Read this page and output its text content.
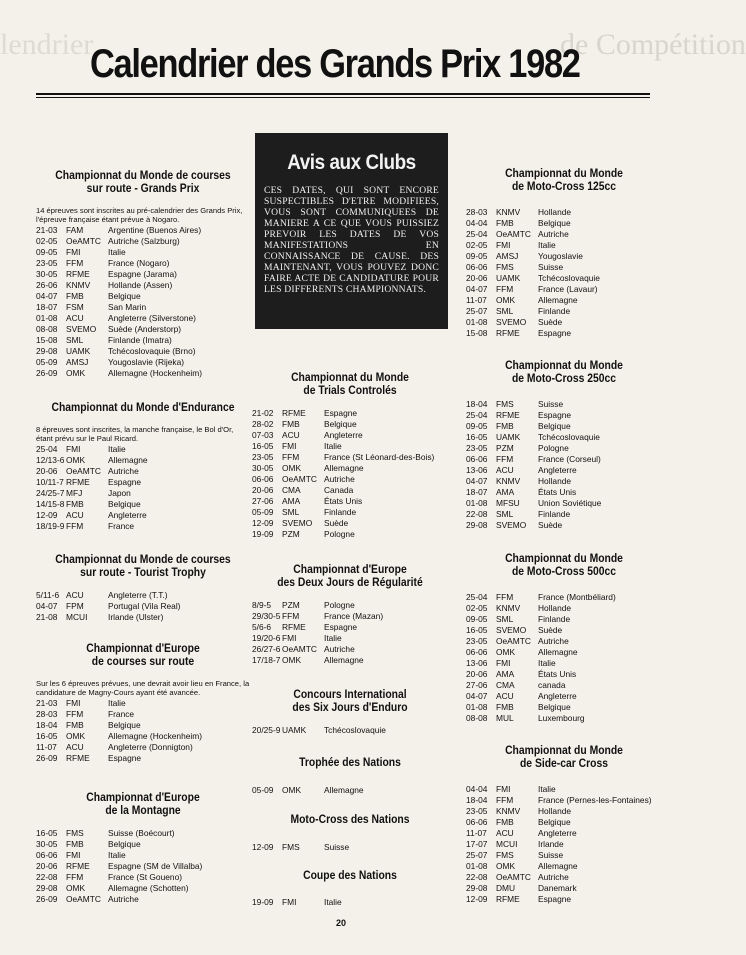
lendrier	de Compétition
Calendrier des Grands Prix 1982
Championnat du Monde de courses
sur route - Grands Prix
14 épreuves sont inscrites au pré-calendrier des Grands Prix, l'épreuve française étant prévue à Nogaro.
21-03	FAM	Argentine (Buenos Aires)
02-05	OeAMTC	Autriche (Salzburg)
09-05	FMI	Italie
23-05	FFM	France (Nogaro)
30-05	RFME	Espagne (Jarama)
26-06	KNMV	Hollande (Assen)
04-07	FMB	Belgique
18-07	FSM	San Marin
01-08	ACU	Angleterre (Silverstone)
08-08	SVEMO	Suède (Anderstorp)
15-08	SML	Finlande (Imatra)
29-08	UAMK	Tchécoslovaquie (Brno)
05-09	AMSJ	Yougoslavie (Rijeka)
26-09	OMK	Allemagne (Hockenheim)
Championnat du Monde d'Endurance
8 épreuves sont inscrites, la manche française, le Bol d'Or, étant prévu sur le Paul Ricard.
25-04	FMI	Italie
12/13-6	OMK	Allemagne
20-06	OeAMTC	Autriche
10/11-7	RFME	Espagne
24/25-7	MFJ	Japon
14/15-8	FMB	Belgique
12-09	ACU	Angleterre
18/19-9	FFM	France
Championnat du Monde de courses
sur route - Tourist Trophy
5/11-6	ACU	Angleterre (T.T.)
04-07	FPM	Portugal (Vila Real)
21-08	MCUI	Irlande (Ulster)
Championnat d'Europe
de courses sur route
Sur les 6 épreuves prévues, une devrait avoir lieu en France, la candidature de Magny-Cours ayant été avancée.
21-03	FMI	Italie
28-03	FFM	France
18-04	FMB	Belgique
16-05	OMK	Allemagne (Hockenheim)
11-07	ACU	Angleterre (Donnigton)
26-09	RFME	Espagne
Championnat d'Europe
de la Montagne
16-05	FMS	Suisse (Boécourt)
30-05	FMB	Belgique
06-06	FMI	Italie
20-06	RFME	Espagne (SM de Villalba)
22-08	FFM	France (St Goueno)
29-08	OMK	Allemagne (Schotten)
26-09	OeAMTC	Autriche
Avis aux Clubs
CES DATES, QUI SONT ENCORE SUSPECTIBLES D'ETRE MODIFIEES, VOUS SONT COMMUNIQUEES DE MANIERE A CE QUE VOUS PUISSIEZ PREVOIR LES DATES DE VOS MANIFESTATIONS EN CONNAISSANCE DE CAUSE. DES MAINTENANT, VOUS POUVEZ DONC FAIRE ACTE DE CANDIDATURE POUR LES DIFFERENTS CHAMPIONNATS.
Championnat du Monde
de Trials Controlés
21-02	RFME	Espagne
28-02	FMB	Belgique
07-03	ACU	Angleterre
16-05	FMI	Italie
23-05	FFM	France (St Léonard-des-Bois)
30-05	OMK	Allemagne
06-06	OeAMTC	Autriche
20-06	CMA	Canada
27-06	AMA	États Unis
05-09	SML	Finlande
12-09	SVEMO	Suède
19-09	PZM	Pologne
Championnat d'Europe
des Deux Jours de Régularité
8/9-5	PZM	Pologne
29/30-5	FFM	France (Mazan)
5/6-6	RFME	Espagne
19/20-6	FMI	Italie
26/27-6	OeAMTC	Autriche
17/18-7	OMK	Allemagne
Concours International
des Six Jours d'Enduro
20/25-9	UAMK	Tchécoslovaquie
Trophée des Nations
05-09	OMK	Allemagne
Moto-Cross des Nations
12-09	FMS	Suisse
Coupe des Nations
19-09	FMI	Italie
Championnat du Monde
de Moto-Cross 125cc
28-03	KNMV	Hollande
04-04	FMB	Belgique
25-04	OeAMTC	Autriche
02-05	FMI	Italie
09-05	AMSJ	Yougoslavie
06-06	FMS	Suisse
20-06	UAMK	Tchécoslovaquie
04-07	FFM	France (Lavaur)
11-07	OMK	Allemagne
25-07	SML	Finlande
01-08	SVEMO	Suède
15-08	RFME	Espagne
Championnat du Monde
de Moto-Cross 250cc
18-04	FMS	Suisse
25-04	RFME	Espagne
09-05	FMB	Belgique
16-05	UAMK	Tchécoslovaquie
23-05	PZM	Pologne
06-06	FFM	France (Corseul)
13-06	ACU	Angleterre
04-07	KNMV	Hollande
18-07	AMA	États Unis
01-08	MFSU	Union Soviétique
22-08	SML	Finlande
29-08	SVEMO	Suède
Championnat du Monde
de Moto-Cross 500cc
25-04	FFM	France (Montbéliard)
02-05	KNMV	Hollande
09-05	SML	Finlande
16-05	SVEMO	Suède
23-05	OeAMTC	Autriche
06-06	OMK	Allemagne
13-06	FMI	Italie
20-06	AMA	États Unis
27-06	CMA	canada
04-07	ACU	Angleterre
01-08	FMB	Belgique
08-08	MUL	Luxembourg
Championnat du Monde
de Side-car Cross
04-04	FMI	Italie
18-04	FFM	France (Pernes-les-Fontaines)
23-05	KNMV	Hollande
06-06	FMB	Belgique
11-07	ACU	Angleterre
17-07	MCUI	Irlande
25-07	FMS	Suisse
01-08	OMK	Allemagne
22-08	OeAMTC	Autriche
29-08	DMU	Danemark
12-09	RFME	Espagne
20
